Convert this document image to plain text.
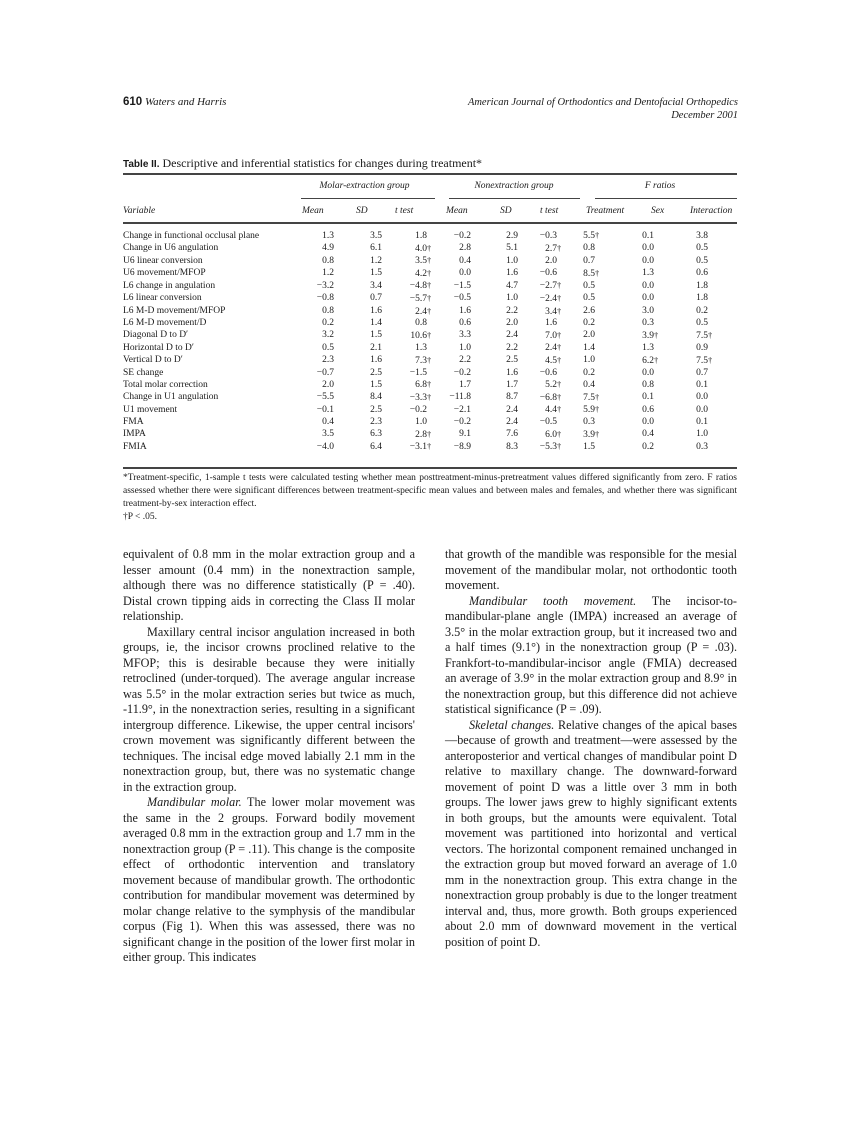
610 Waters and Harris	American Journal of Orthodontics and Dentofacial Orthopedics
December 2001
Table II. Descriptive and inferential statistics for changes during treatment*
Molar-extraction group	Nonextraction group	F ratios
Variable	Mean	SD	t test	Mean	SD	t test	Treatment	Sex	Interaction
Change in functional occlusal plane	1.3	3.5	1.8	−0.2	2.9	−0.3	5.5†	0.1	3.8
Change in U6 angulation	4.9	6.1	4.0†	2.8	5.1	2.7†	0.8	0.0	0.5
U6 linear conversion	0.8	1.2	3.5†	0.4	1.0	2.0	0.7	0.0	0.5
U6 movement/MFOP	1.2	1.5	4.2†	0.0	1.6	−0.6	8.5†	1.3	0.6
L6 change in angulation	−3.2	3.4	−4.8†	−1.5	4.7	−2.7†	0.5	0.0	1.8
L6 linear conversion	−0.8	0.7	−5.7†	−0.5	1.0	−2.4†	0.5	0.0	1.8
L6 M-D movement/MFOP	0.8	1.6	2.4†	1.6	2.2	3.4†	2.6	3.0	0.2
L6 M-D movement/D	0.2	1.4	0.8	0.6	2.0	1.6	0.2	0.3	0.5
Diagonal D to D′	3.2	1.5	10.6†	3.3	2.4	7.0†	2.0	3.9†	7.5†
Horizontal D to D′	0.5	2.1	1.3	1.0	2.2	2.4†	1.4	1.3	0.9
Vertical D to D′	2.3	1.6	7.3†	2.2	2.5	4.5†	1.0	6.2†	7.5†
SE change	−0.7	2.5	−1.5	−0.2	1.6	−0.6	0.2	0.0	0.7
Total molar correction	2.0	1.5	6.8†	1.7	1.7	5.2†	0.4	0.8	0.1
Change in U1 angulation	−5.5	8.4	−3.3†	−11.8	8.7	−6.8†	7.5†	0.1	0.0
U1 movement	−0.1	2.5	−0.2	−2.1	2.4	4.4†	5.9†	0.6	0.0
FMA	0.4	2.3	1.0	−0.2	2.4	−0.5	0.3	0.0	0.1
IMPA	3.5	6.3	2.8†	9.1	7.6	6.0†	3.9†	0.4	1.0
FMIA	−4.0	6.4	−3.1†	−8.9	8.3	−5.3†	1.5	0.2	0.3
*Treatment-specific, 1-sample t tests were calculated testing whether mean posttreatment-minus-pretreatment values differed significantly from zero. F ratios assessed whether there were significant differences between treatment-specific mean values and between males and females, and whether there was significant treatment-by-sex interaction effect.
†P < .05.

equivalent of 0.8 mm in the molar extraction group and a lesser amount (0.4 mm) in the nonextraction sample, although there was no difference statistically (P = .40). Distal crown tipping aids in correcting the Class II molar relationship.

Maxillary central incisor angulation increased in both groups, ie, the incisor crowns proclined relative to the MFOP; this is desirable because they were initially retroclined (under-torqued). The average angular increase was 5.5° in the molar extraction series but twice as much, -11.9°, in the nonextraction series, resulting in a significant intergroup difference. Likewise, the upper central incisors' crown movement was significantly different between the techniques. The incisal edge moved labially 2.1 mm in the nonextraction group, but, there was no systematic change in the extraction group.

Mandibular molar. The lower molar movement was the same in the 2 groups. Forward bodily movement averaged 0.8 mm in the extraction group and 1.7 mm in the nonextraction group (P = .11). This change is the composite effect of orthodontic intervention and translatory movement because of mandibular growth. The orthodontic contribution for mandibular movement was determined by molar change relative to the symphysis of the mandibular corpus (Fig 1). When this was assessed, there was no significant change in the position of the lower first molar in either group. This indicates

that growth of the mandible was responsible for the mesial movement of the mandibular molar, not orthodontic tooth movement.

Mandibular tooth movement. The incisor-to-mandibular-plane angle (IMPA) increased an average of 3.5° in the molar extraction group, but it increased two and a half times (9.1°) in the nonextraction group (P = .03). Frankfort-to-mandibular-incisor angle (FMIA) decreased an average of 3.9° in the molar extraction group and 8.9° in the nonextraction group, but this difference did not achieve statistical significance (P = .09).

Skeletal changes. Relative changes of the apical bases—because of growth and treatment—were assessed by the anteroposterior and vertical changes of mandibular point D relative to maxillary change. The downward-forward movement of point D was a little over 3 mm in both groups. The lower jaws grew to highly significant extents in both groups, but the amounts were equivalent. Total movement was partitioned into horizontal and vertical vectors. The horizontal component remained unchanged in the extraction group but moved forward an average of 1.0 mm in the nonextraction group. This extra change in the nonextraction group probably is due to the longer treatment interval and, thus, more growth. Both groups experienced about 2.0 mm of downward movement in the vertical position of point D.
